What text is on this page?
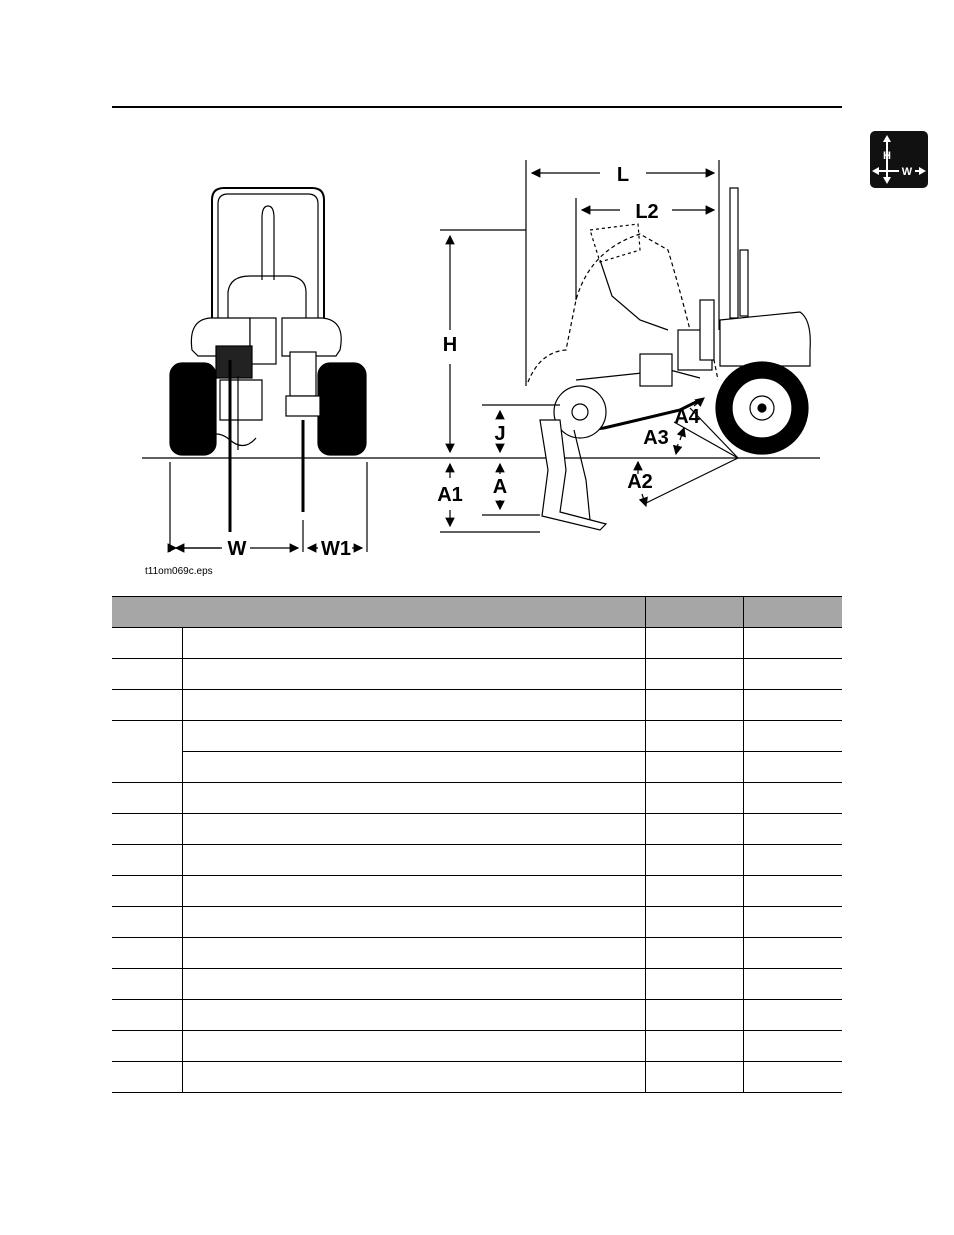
H
W
W	W1
L
L2
H
A1
J
A	A2
A3
A4
t11om069c.eps
